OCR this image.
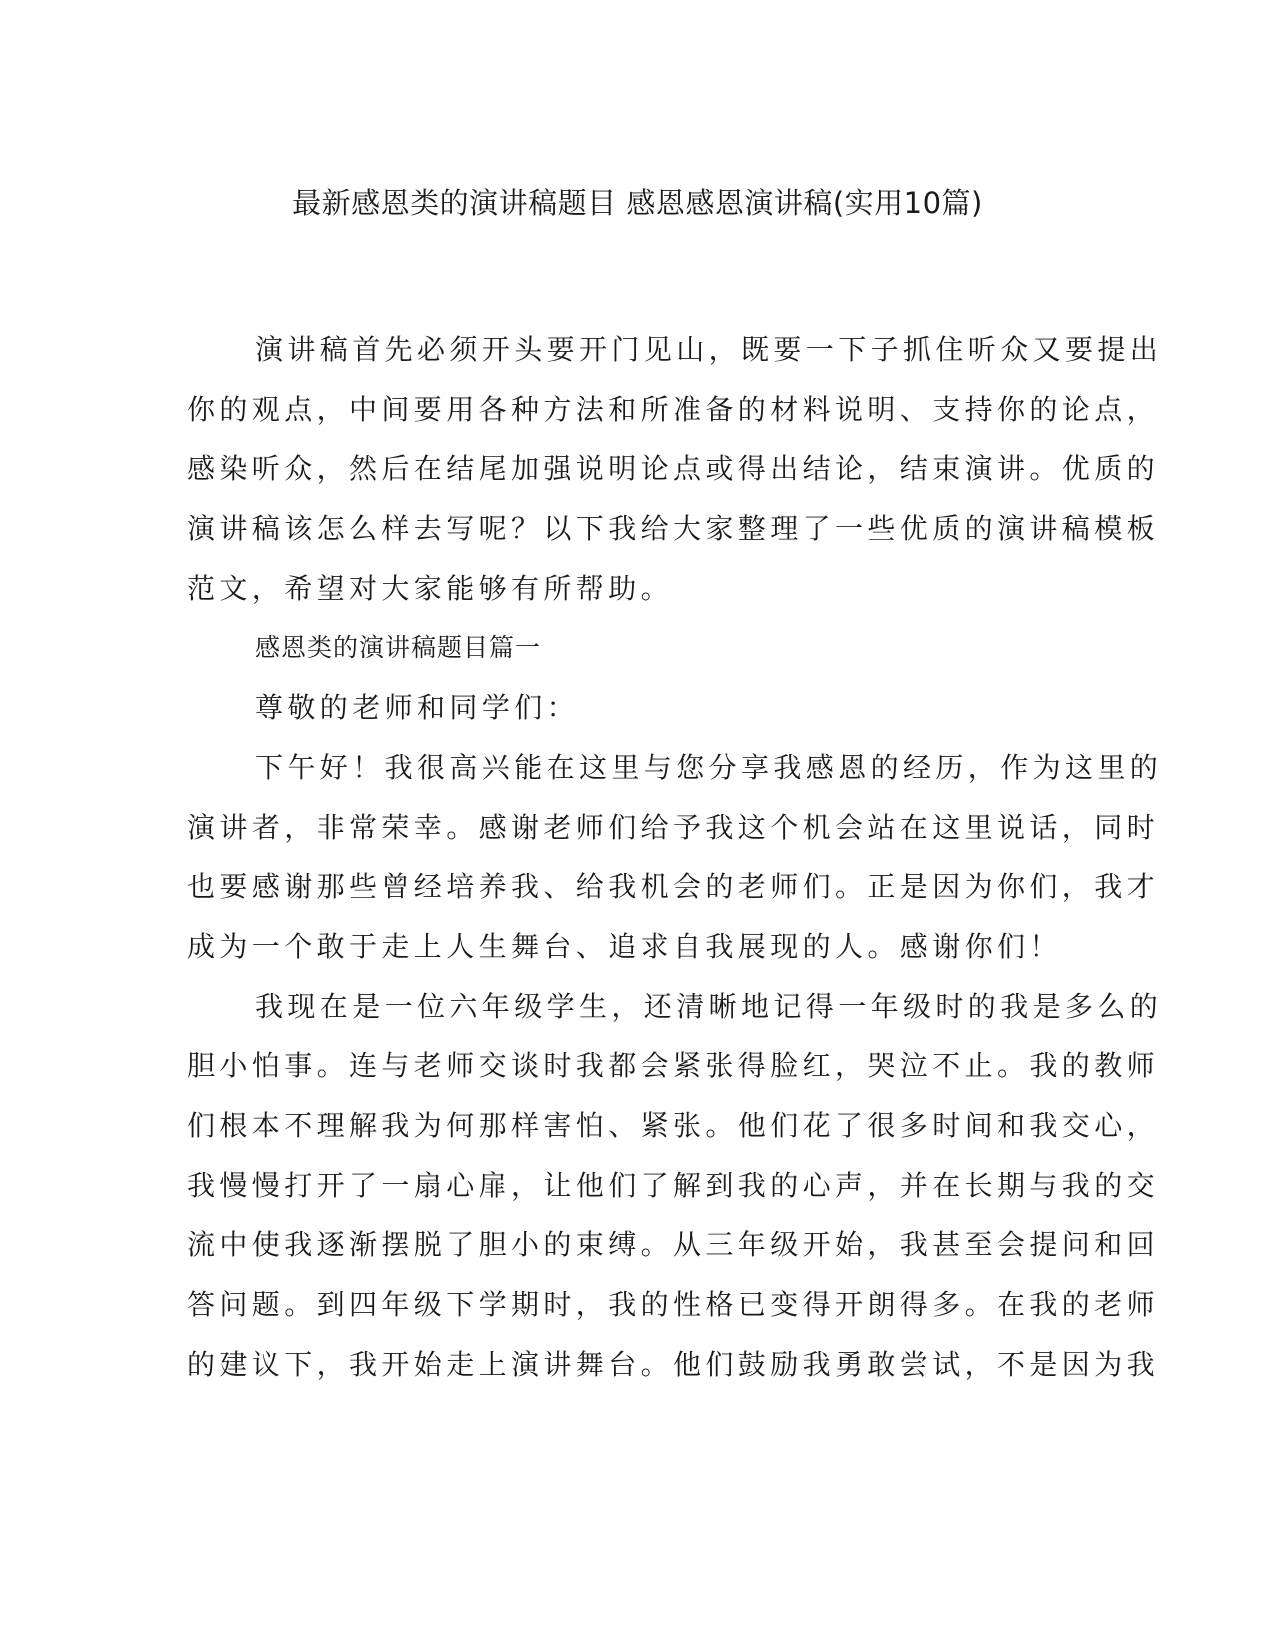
最新感恩类的演讲稿题目 感恩感恩演讲稿(实用10篇)
演讲稿首先必须开头要开门见山，既要一下子抓住听众又要提出
你的观点，中间要用各种方法和所准备的材料说明、支持你的论点，
感染听众，然后在结尾加强说明论点或得出结论，结束演讲。优质的
演讲稿该怎么样去写呢？以下我给大家整理了一些优质的演讲稿模板
范文，希望对大家能够有所帮助。
感恩类的演讲稿题目篇一
尊敬的老师和同学们：
下午好！我很高兴能在这里与您分享我感恩的经历，作为这里的
演讲者，非常荣幸。感谢老师们给予我这个机会站在这里说话，同时
也要感谢那些曾经培养我、给我机会的老师们。正是因为你们，我才
成为一个敢于走上人生舞台、追求自我展现的人。感谢你们！
我现在是一位六年级学生，还清晰地记得一年级时的我是多么的
胆小怕事。连与老师交谈时我都会紧张得脸红，哭泣不止。我的教师
们根本不理解我为何那样害怕、紧张。他们花了很多时间和我交心，
我慢慢打开了一扇心扉，让他们了解到我的心声，并在长期与我的交
流中使我逐渐摆脱了胆小的束缚。从三年级开始，我甚至会提问和回
答问题。到四年级下学期时，我的性格已变得开朗得多。在我的老师
的建议下，我开始走上演讲舞台。他们鼓励我勇敢尝试，不是因为我
